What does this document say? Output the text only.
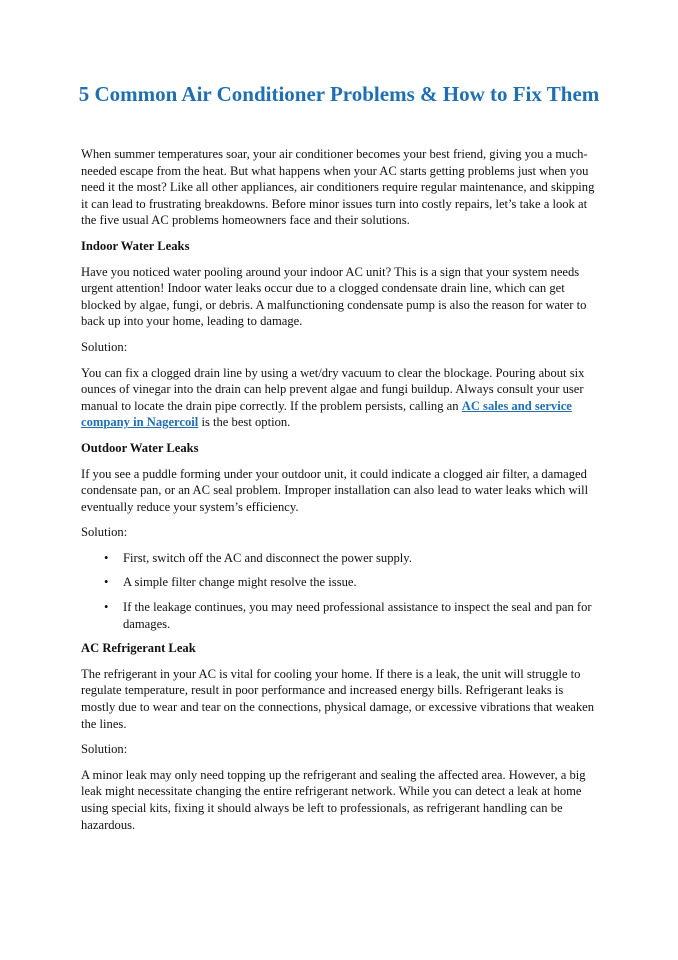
5 Common Air Conditioner Problems & How to Fix Them

When summer temperatures soar, your air conditioner becomes your best friend, giving you a much-needed escape from the heat. But what happens when your AC starts getting problems just when you need it the most? Like all other appliances, air conditioners require regular maintenance, and skipping it can lead to frustrating breakdowns. Before minor issues turn into costly repairs, let’s take a look at the five usual AC problems homeowners face and their solutions.

Indoor Water Leaks

Have you noticed water pooling around your indoor AC unit? This is a sign that your system needs urgent attention! Indoor water leaks occur due to a clogged condensate drain line, which can get blocked by algae, fungi, or debris. A malfunctioning condensate pump is also the reason for water to back up into your home, leading to damage.

Solution:

You can fix a clogged drain line by using a wet/dry vacuum to clear the blockage. Pouring about six ounces of vinegar into the drain can help prevent algae and fungi buildup. Always consult your user manual to locate the drain pipe correctly. If the problem persists, calling an AC sales and service company in Nagercoil is the best option.

Outdoor Water Leaks

If you see a puddle forming under your outdoor unit, it could indicate a clogged air filter, a damaged condensate pan, or an AC seal problem. Improper installation can also lead to water leaks which will eventually reduce your system’s efficiency.

Solution:

• First, switch off the AC and disconnect the power supply.
• A simple filter change might resolve the issue.
• If the leakage continues, you may need professional assistance to inspect the seal and pan for damages.
AC Refrigerant Leak

The refrigerant in your AC is vital for cooling your home. If there is a leak, the unit will struggle to regulate temperature, result in poor performance and increased energy bills. Refrigerant leaks is mostly due to wear and tear on the connections, physical damage, or excessive vibrations that weaken the lines.

Solution:

A minor leak may only need topping up the refrigerant and sealing the affected area. However, a big leak might necessitate changing the entire refrigerant network. While you can detect a leak at home using special kits, fixing it should always be left to professionals, as refrigerant handling can be hazardous.
